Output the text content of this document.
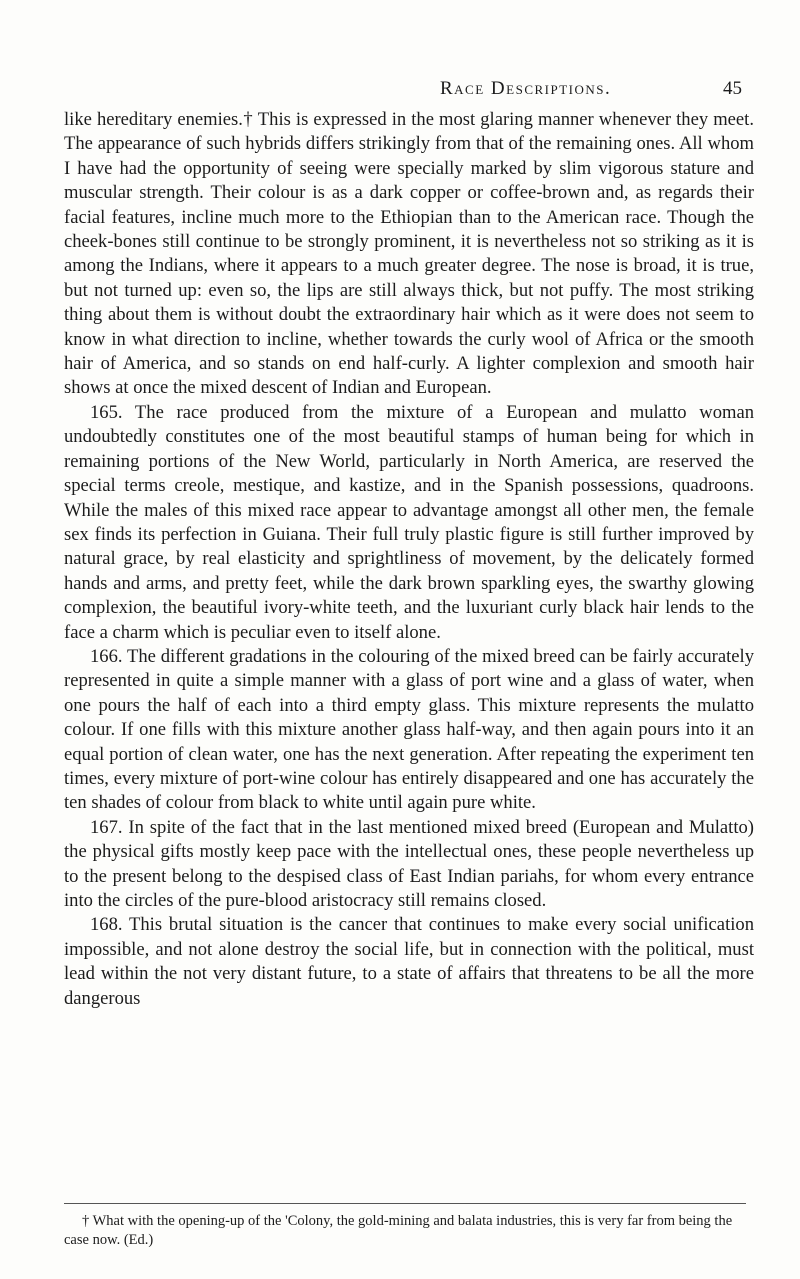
Race Descriptions.	45

like hereditary enemies.† This is expressed in the most glaring manner whenever they meet. The appearance of such hybrids differs strikingly from that of the remaining ones. All whom I have had the opportunity of seeing were specially marked by slim vigorous stature and muscular strength. Their colour is as a dark copper or coffee-brown and, as regards their facial features, incline much more to the Ethiopian than to the American race. Though the cheek-bones still continue to be strongly prominent, it is nevertheless not so striking as it is among the Indians, where it appears to a much greater degree. The nose is broad, it is true, but not turned up: even so, the lips are still always thick, but not puffy. The most striking thing about them is without doubt the extraordinary hair which as it were does not seem to know in what direction to incline, whether towards the curly wool of Africa or the smooth hair of America, and so stands on end half-curly. A lighter complexion and smooth hair shows at once the mixed descent of Indian and European.

165. The race produced from the mixture of a European and mulatto woman undoubtedly constitutes one of the most beautiful stamps of human being for which in remaining portions of the New World, particularly in North America, are reserved the special terms creole, mestique, and kastize, and in the Spanish possessions, quadroons. While the males of this mixed race appear to advantage amongst all other men, the female sex finds its perfection in Guiana. Their full truly plastic figure is still further improved by natural grace, by real elasticity and sprightliness of movement, by the delicately formed hands and arms, and pretty feet, while the dark brown sparkling eyes, the swarthy glowing complexion, the beautiful ivory-white teeth, and the luxuriant curly black hair lends to the face a charm which is peculiar even to itself alone.

166. The different gradations in the colouring of the mixed breed can be fairly accurately represented in quite a simple manner with a glass of port wine and a glass of water, when one pours the half of each into a third empty glass. This mixture represents the mulatto colour. If one fills with this mixture another glass half-way, and then again pours into it an equal portion of clean water, one has the next generation. After repeating the experiment ten times, every mixture of port-wine colour has entirely disappeared and one has accurately the ten shades of colour from black to white until again pure white.

167. In spite of the fact that in the last mentioned mixed breed (European and Mulatto) the physical gifts mostly keep pace with the intellectual ones, these people nevertheless up to the present belong to the despised class of East Indian pariahs, for whom every entrance into the circles of the pure-blood aristocracy still remains closed.

168. This brutal situation is the cancer that continues to make every social unification impossible, and not alone destroy the social life, but in connection with the political, must lead within the not very distant future, to a state of affairs that threatens to be all the more dangerous

† What with the opening-up of the 'Colony, the gold-mining and balata industries, this is very far from being the case now. (Ed.)
